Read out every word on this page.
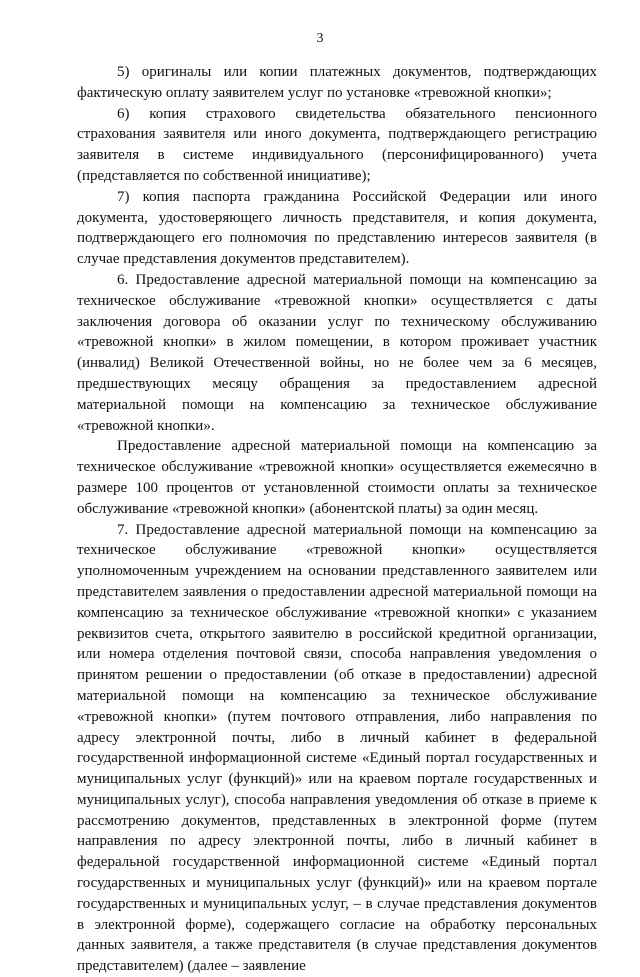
3

5) оригиналы или копии платежных документов, подтверждающих фактическую оплату заявителем услуг по установке «тревожной кнопки»;

6) копия страхового свидетельства обязательного пенсионного страхования заявителя или иного документа, подтверждающего регистрацию заявителя в системе индивидуального (персонифицированного) учета (представляется по собственной инициативе);

7) копия паспорта гражданина Российской Федерации или иного документа, удостоверяющего личность представителя, и копия документа, подтверждающего его полномочия по представлению интересов заявителя (в случае представления документов представителем).

6. Предоставление адресной материальной помощи на компенсацию за техническое обслуживание «тревожной кнопки» осуществляется с даты заключения договора об оказании услуг по техническому обслуживанию «тревожной кнопки» в жилом помещении, в котором проживает участник (инвалид) Великой Отечественной войны, но не более чем за 6 месяцев, предшествующих месяцу обращения за предоставлением адресной материальной помощи на компенсацию за техническое обслуживание «тревожной кнопки».

Предоставление адресной материальной помощи на компенсацию за техническое обслуживание «тревожной кнопки» осуществляется ежемесячно в размере 100 процентов от установленной стоимости оплаты за техническое обслуживание «тревожной кнопки» (абонентской платы) за один месяц.

7. Предоставление адресной материальной помощи на компенсацию за техническое обслуживание «тревожной кнопки» осуществляется уполномоченным учреждением на основании представленного заявителем или представителем заявления о предоставлении адресной материальной помощи на компенсацию за техническое обслуживание «тревожной кнопки» с указанием реквизитов счета, открытого заявителю в российской кредитной организации, или номера отделения почтовой связи, способа направления уведомления о принятом решении о предоставлении (об отказе в предоставлении) адресной материальной помощи на компенсацию за техническое обслуживание «тревожной кнопки» (путем почтового отправления, либо направления по адресу электронной почты, либо в личный кабинет в федеральной государственной информационной системе «Единый портал государственных и муниципальных услуг (функций)» или на краевом портале государственных и муниципальных услуг), способа направления уведомления об отказе в приеме к рассмотрению документов, представленных в электронной форме (путем направления по адресу электронной почты, либо в личный кабинет в федеральной государственной информационной системе «Единый портал государственных и муниципальных услуг (функций)» или на краевом портале государственных и муниципальных услуг, – в случае представления документов в электронной форме), содержащего согласие на обработку персональных данных заявителя, а также представителя (в случае представления документов представителем) (далее – заявление
